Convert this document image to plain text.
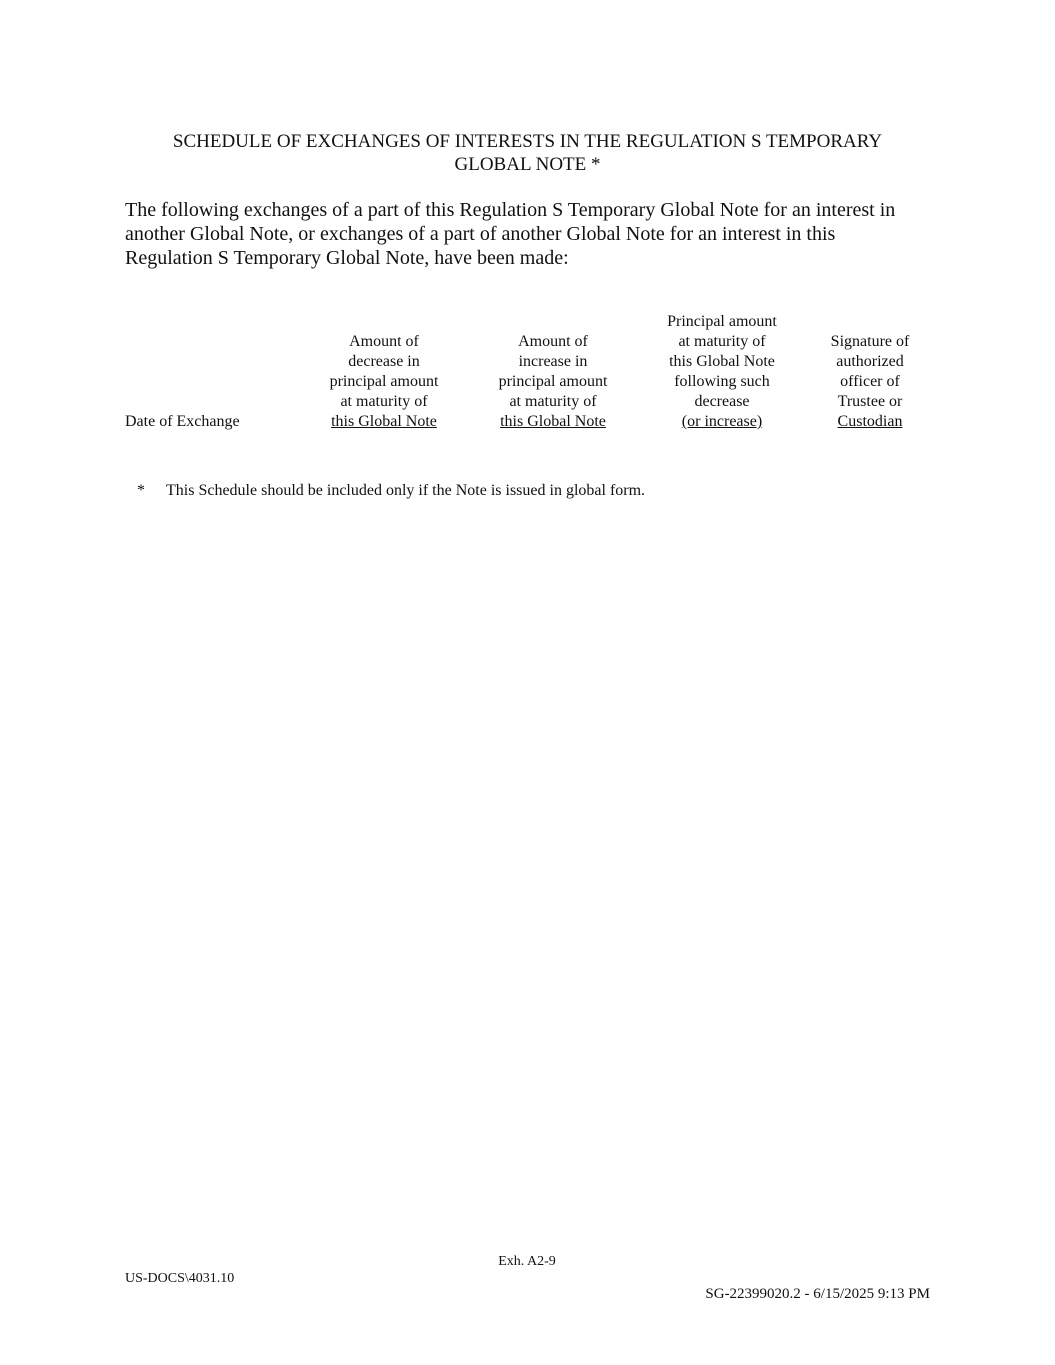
SCHEDULE OF EXCHANGES OF INTERESTS IN THE REGULATION S TEMPORARY
GLOBAL NOTE *
The following exchanges of a part of this Regulation S Temporary Global Note for an interest in
another Global Note, or exchanges of a part of another Global Note for an interest in this
Regulation S Temporary Global Note, have been made:
Date of Exchange
Amount of
decrease in
principal amount
at maturity of
this Global Note
Amount of
increase in
principal amount
at maturity of
this Global Note
Principal amount
at maturity of
this Global Note
following such
decrease
(or increase)
Signature of
authorized
officer of
Trustee or
Custodian
* This Schedule should be included only if the Note is issued in global form.
Exh. A2-9
US-DOCS\4031.10
SG-22399020.2 - 6/15/2025 9:13 PM
